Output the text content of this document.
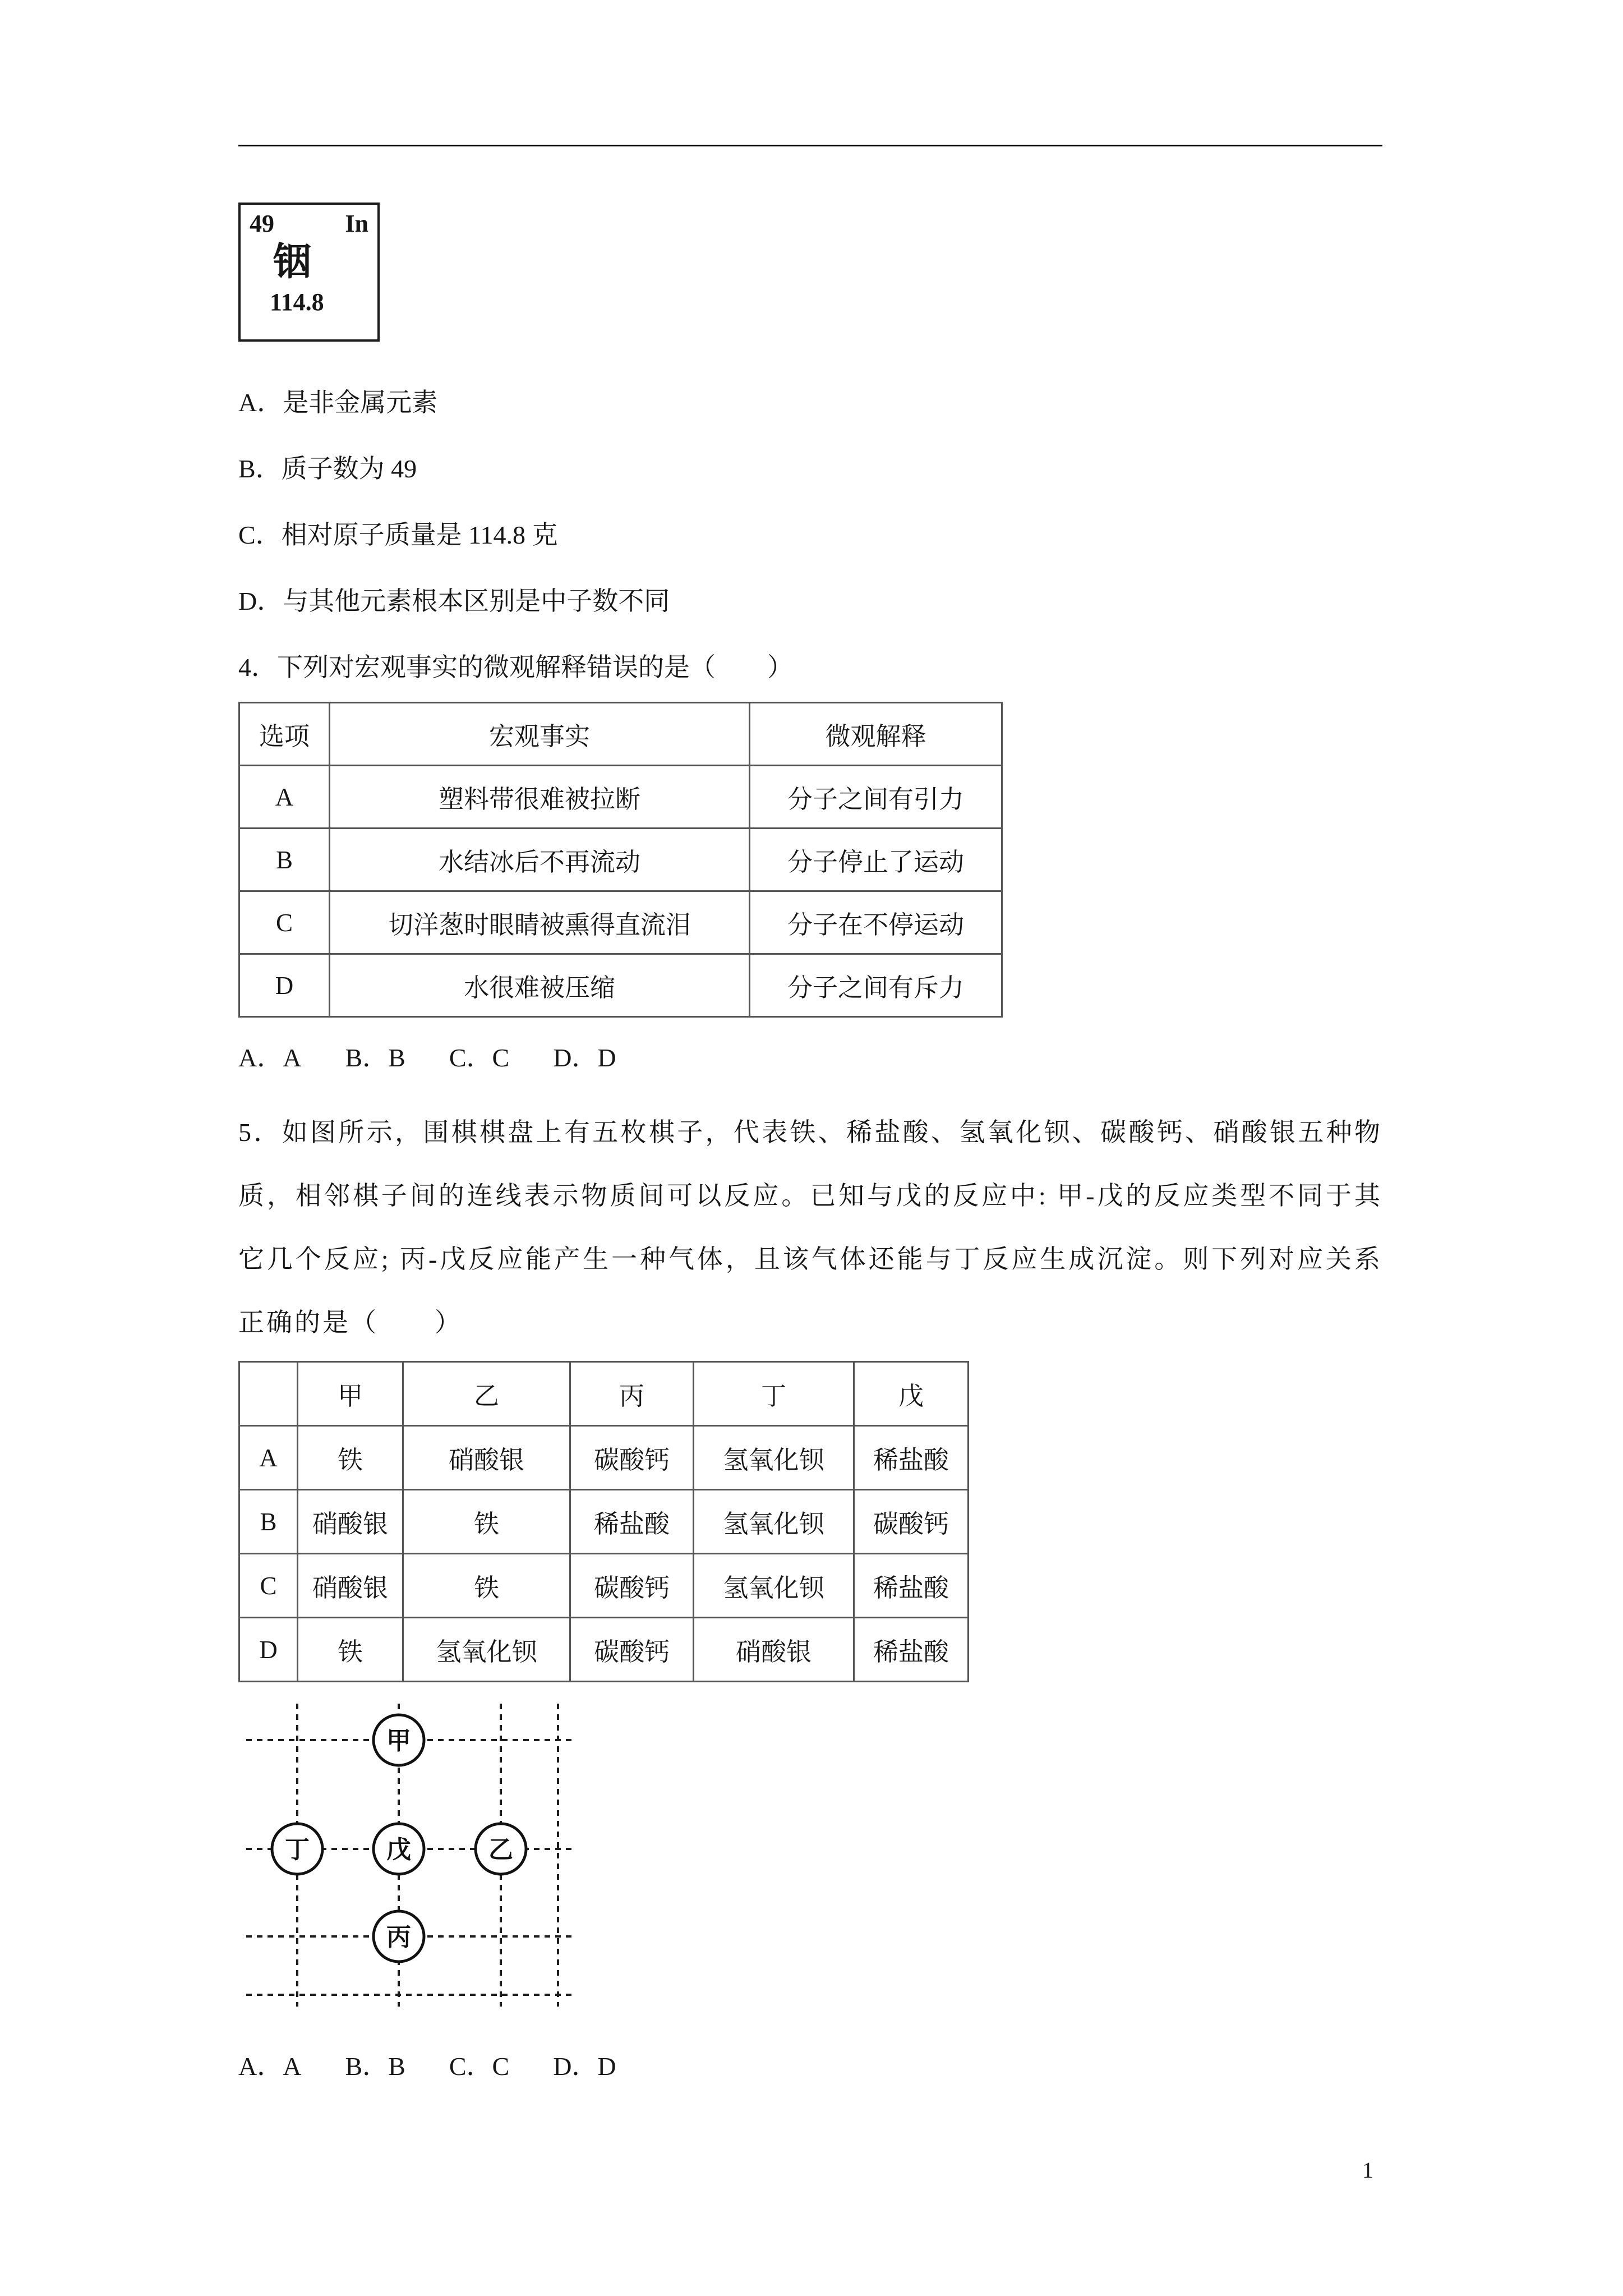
49	In
铟
114.8
A．是非金属元素
B．质子数为 49
C．相对原子质量是 114.8 克
D．与其他元素根本区别是中子数不同
4．下列对宏观事实的微观解释错误的是（　　）
选项	宏观事实	微观解释
A	塑料带很难被拉断	分子之间有引力
B	水结冰后不再流动	分子停止了运动
C	切洋葱时眼睛被熏得直流泪	分子在不停运动
D	水很难被压缩	分子之间有斥力
A．A B．B C．C D．D
5．如图所示，围棋棋盘上有五枚棋子，代表铁、稀盐酸、氢氧化钡、碳酸钙、硝酸银五种物质，相邻棋子间的连线表示物质间可以反应。已知与戊的反应中: 甲-戊的反应类型不同于其它几个反应; 丙-戊反应能产生一种气体，且该气体还能与丁反应生成沉淀。则下列对应关系正确的是（　　）
	甲	乙	丙	丁	戊
A	铁	硝酸银	碳酸钙	氢氧化钡	稀盐酸
B	硝酸银	铁	稀盐酸	氢氧化钡	碳酸钙
C	硝酸银	铁	碳酸钙	氢氧化钡	稀盐酸
D	铁	氢氧化钡	碳酸钙	硝酸银	稀盐酸
甲
丁	戊	乙
丙
A．A B．B C．C D．D
1
